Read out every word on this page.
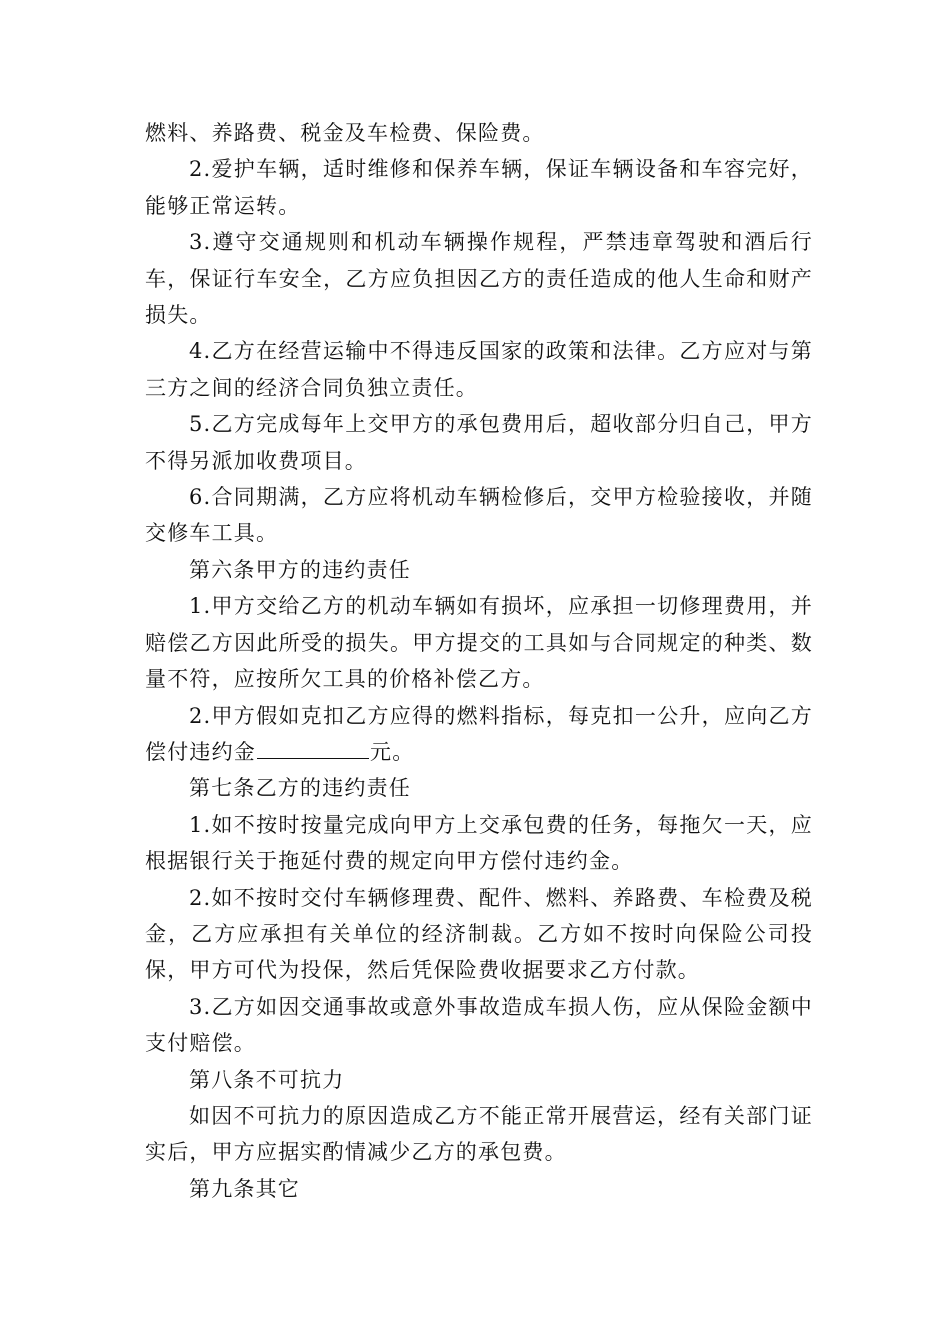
燃料、养路费、税金及车检费、保险费。

2.爱护车辆，适时维修和保养车辆，保证车辆设备和车容完好，能够正常运转。

3.遵守交通规则和机动车辆操作规程，严禁违章驾驶和酒后行车，保证行车安全，乙方应负担因乙方的责任造成的他人生命和财产损失。

4.乙方在经营运输中不得违反国家的政策和法律。乙方应对与第三方之间的经济合同负独立责任。

5.乙方完成每年上交甲方的承包费用后，超收部分归自己，甲方不得另派加收费项目。

6.合同期满，乙方应将机动车辆检修后，交甲方检验接收，并随交修车工具。

第六条甲方的违约责任

1.甲方交给乙方的机动车辆如有损坏，应承担一切修理费用，并赔偿乙方因此所受的损失。甲方提交的工具如与合同规定的种类、数量不符，应按所欠工具的价格补偿乙方。

2.甲方假如克扣乙方应得的燃料指标，每克扣一公升，应向乙方偿付违约金	元。

第七条乙方的违约责任

1.如不按时按量完成向甲方上交承包费的任务，每拖欠一天，应根据银行关于拖延付费的规定向甲方偿付违约金。

2.如不按时交付车辆修理费、配件、燃料、养路费、车检费及税金，乙方应承担有关单位的经济制裁。乙方如不按时向保险公司投保，甲方可代为投保，然后凭保险费收据要求乙方付款。

3.乙方如因交通事故或意外事故造成车损人伤，应从保险金额中支付赔偿。

第八条不可抗力

如因不可抗力的原因造成乙方不能正常开展营运，经有关部门证实后，甲方应据实酌情减少乙方的承包费。

第九条其它
